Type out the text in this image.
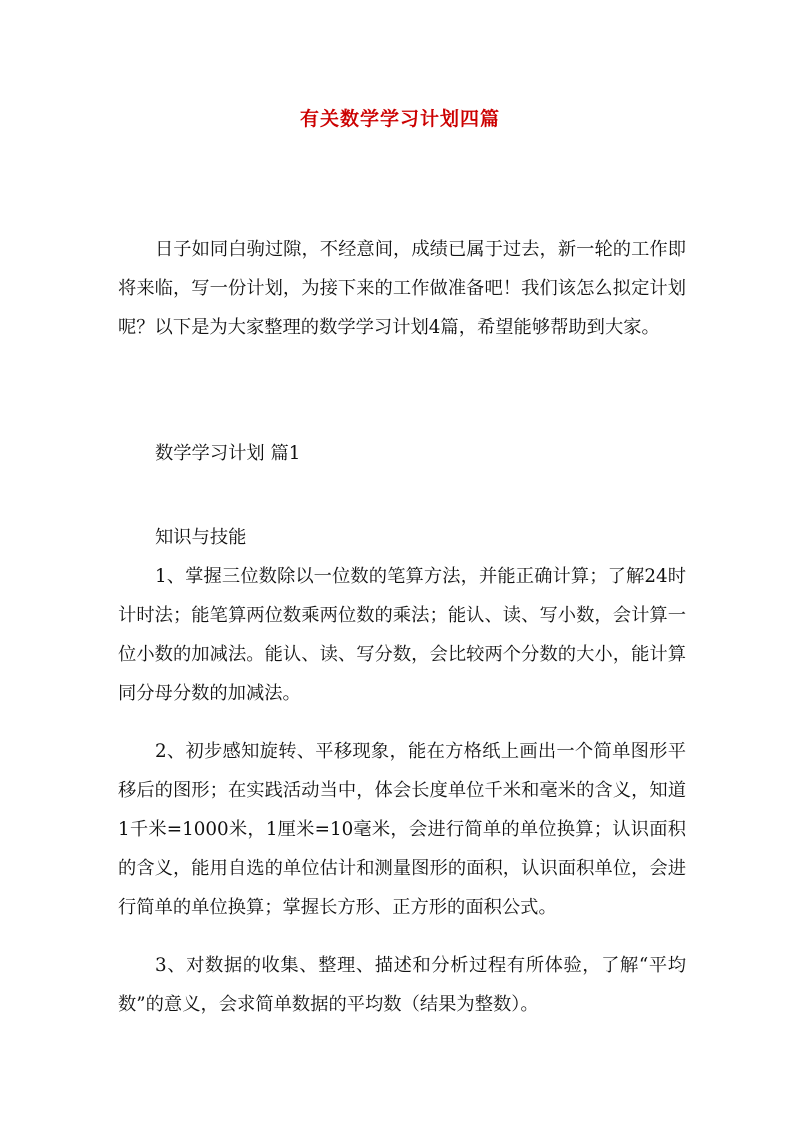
有关数学学习计划四篇

日子如同白驹过隙，不经意间，成绩已属于过去，新一轮的工作即将来临，写一份计划，为接下来的工作做准备吧！我们该怎么拟定计划呢？以下是为大家整理的数学学习计划4篇，希望能够帮助到大家。

数学学习计划 篇1

知识与技能

1、掌握三位数除以一位数的笔算方法，并能正确计算；了解24时计时法；能笔算两位数乘两位数的乘法；能认、读、写小数，会计算一位小数的加减法。能认、读、写分数，会比较两个分数的大小，能计算同分母分数的加减法。

2、初步感知旋转、平移现象，能在方格纸上画出一个简单图形平移后的图形；在实践活动当中，体会长度单位千米和毫米的含义，知道1千米=1000米，1厘米=10毫米，会进行简单的单位换算；认识面积的含义，能用自选的单位估计和测量图形的面积，认识面积单位，会进行简单的单位换算；掌握长方形、正方形的面积公式。

3、对数据的收集、整理、描述和分析过程有所体验，了解“平均数”的意义，会求简单数据的平均数（结果为整数）。
